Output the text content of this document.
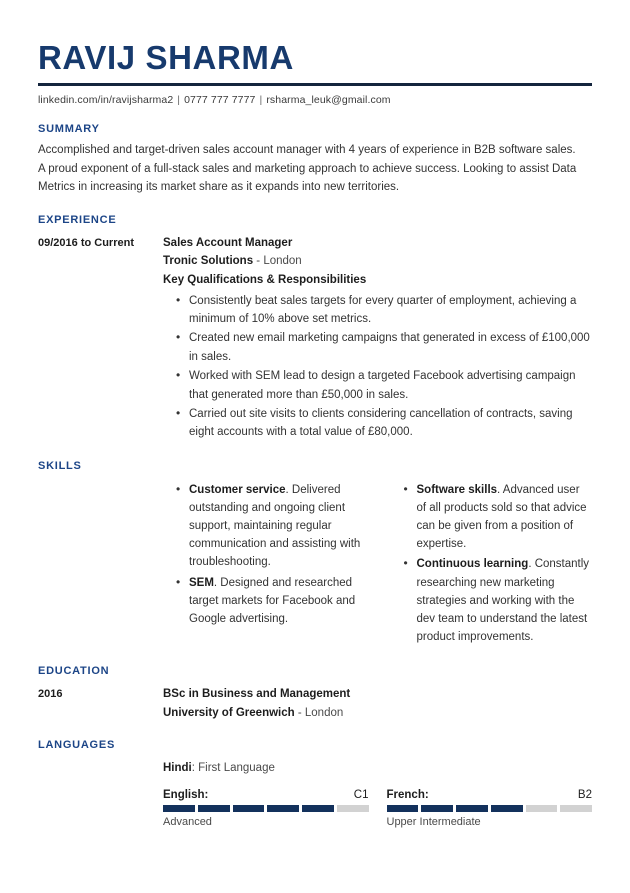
RAVIJ SHARMA
linkedin.com/in/ravijsharma2 | 0777 777 7777 | rsharma_leuk@gmail.com
SUMMARY
Accomplished and target-driven sales account manager with 4 years of experience in B2B software sales. A proud exponent of a full-stack sales and marketing approach to achieve success. Looking to assist Data Metrics in increasing its market share as it expands into new territories.
EXPERIENCE
09/2016 to Current	Sales Account Manager
Tronic Solutions - London
Key Qualifications & Responsibilities
• Consistently beat sales targets for every quarter of employment, achieving a minimum of 10% above set metrics.
• Created new email marketing campaigns that generated in excess of £100,000 in sales.
• Worked with SEM lead to design a targeted Facebook advertising campaign that generated more than £50,000 in sales.
• Carried out site visits to clients considering cancellation of contracts, saving eight accounts with a total value of £80,000.
SKILLS
• Customer service. Delivered outstanding and ongoing client support, maintaining regular communication and assisting with troubleshooting.
• SEM. Designed and researched target markets for Facebook and Google advertising.
• Software skills. Advanced user of all products sold so that advice can be given from a position of expertise.
• Continuous learning. Constantly researching new marketing strategies and working with the dev team to understand the latest product improvements.
EDUCATION
2016	BSc in Business and Management
University of Greenwich - London
LANGUAGES
Hindi: First Language
English:	C1
Advanced
French:	B2
Upper Intermediate
